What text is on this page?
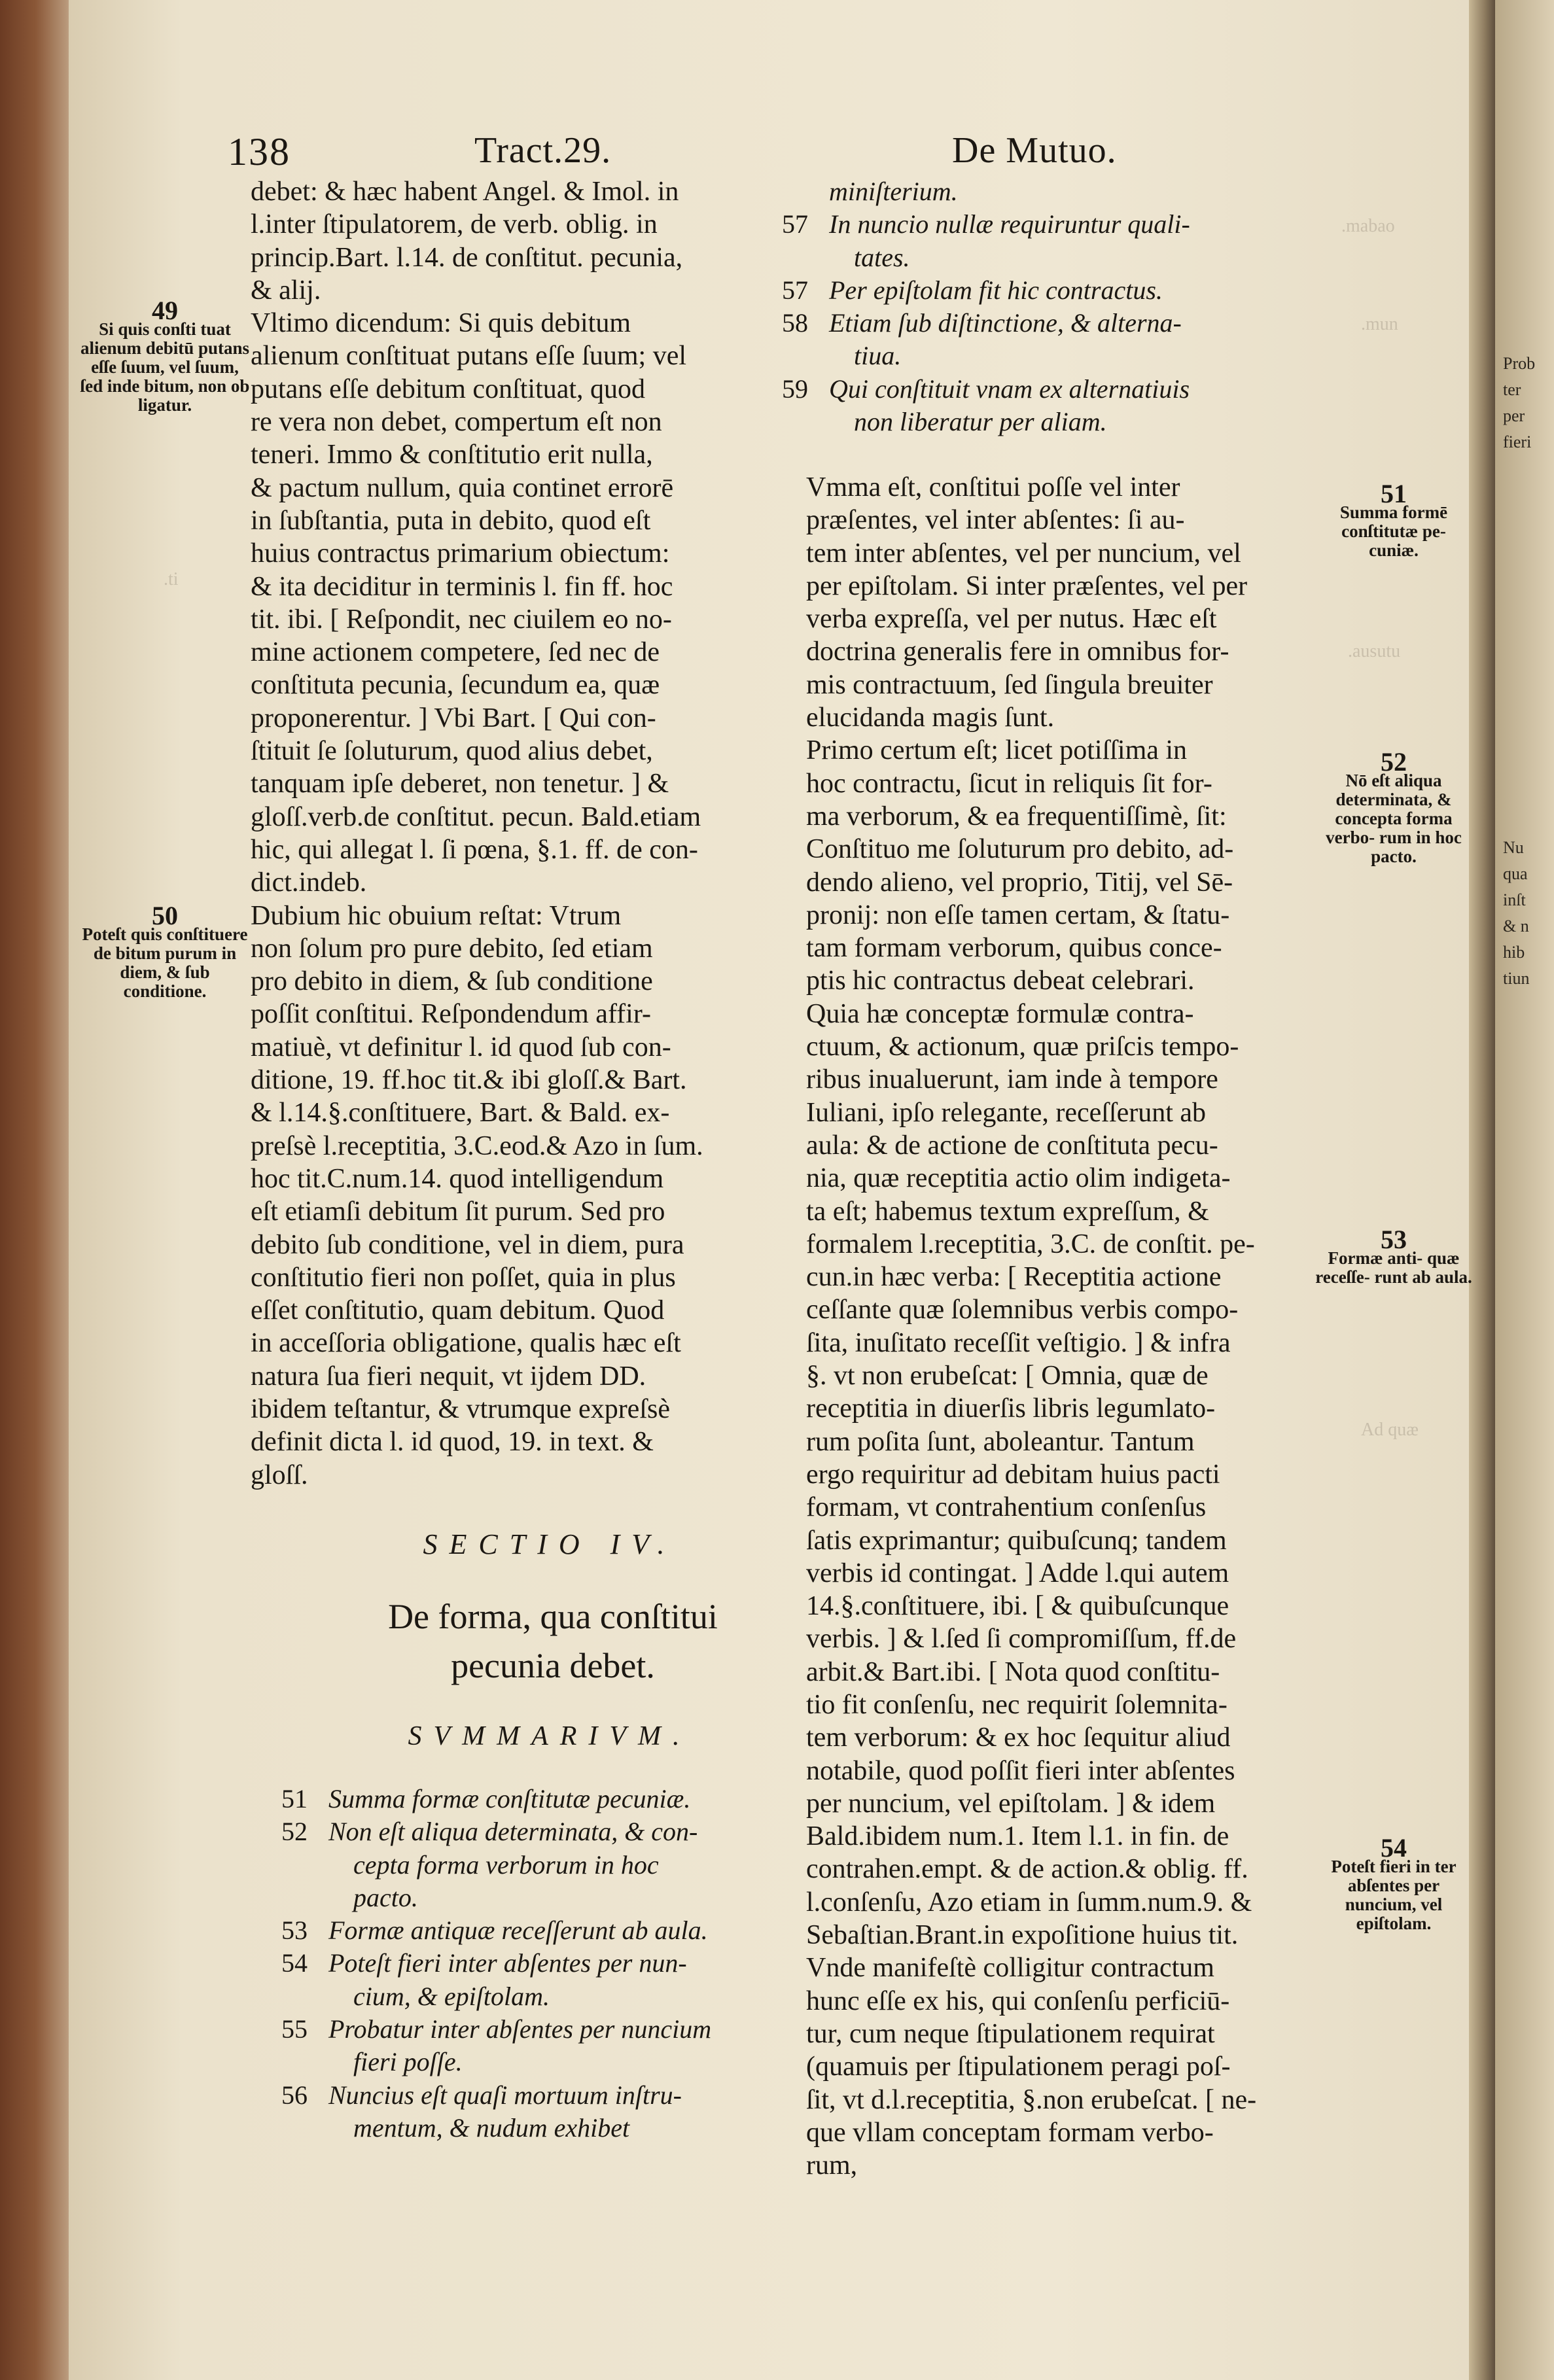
Prob
ter
per
fieri
Nu
qua
inſt
& n
hib
tiun
.mabao
.mun
.ausutu
Ad quæ
.ti
138	Tract.29.	De Mutuo.
debet: & hæc habent Angel. & Imol. in
l.inter ſtipulatorem, de verb. oblig. in
princip.Bart. l.14. de conſtitut. pecunia,
& alij.
Vltimo dicendum: Si quis debitum
alienum conſtituat putans eſſe ſuum; vel
putans eſſe debitum conſtituat, quod
re vera non debet, compertum eſt non
teneri. Immo & conſtitutio erit nulla,
& pactum nullum, quia continet errorē
in ſubſtantia, puta in debito, quod eſt
huius contractus primarium obiectum:
& ita deciditur in terminis l. fin ff. hoc
tit. ibi. [ Reſpondit, nec ciuilem eo no-
mine actionem competere, ſed nec de
conſtituta pecunia, ſecundum ea, quæ
proponerentur. ] Vbi Bart. [ Qui con-
ſtituit ſe ſoluturum, quod alius debet,
tanquam ipſe deberet, non tenetur. ] &
gloſſ.verb.de conſtitut. pecun. Bald.etiam
hic, qui allegat l. ſi pœna, §.1. ff. de con-
dict.indeb.
Dubium hic obuium reſtat: Vtrum
non ſolum pro pure debito, ſed etiam
pro debito in diem, & ſub conditione
poſſit conſtitui. Reſpondendum affir-
matiuè, vt definitur l. id quod ſub con-
ditione, 19. ff.hoc tit.& ibi gloſſ.& Bart.
& l.14.§.conſtituere, Bart. & Bald. ex-
preſsè l.receptitia, 3.C.eod.& Azo in ſum.
hoc tit.C.num.14. quod intelligendum
eſt etiamſi debitum ſit purum. Sed pro
debito ſub conditione, vel in diem, pura
conſtitutio fieri non poſſet, quia in plus
eſſet conſtitutio, quam debitum. Quod
in acceſſoria obligatione, qualis hæc eſt
natura ſua fieri nequit, vt ijdem DD.
ibidem teſtantur, & vtrumque expreſsè
definit dicta l. id quod, 19. in text. &
gloſſ.
SECTIO IV.
De forma, qua conſtitui
pecunia debet.
SVMMARIVM.
51 Summa formæ conſtitutæ pecuniæ.
52 Non eſt aliqua determinata, & con-
cepta forma verborum in hoc
pacto.
53 Formæ antiquæ receſſerunt ab aula.
54 Poteſt fieri inter abſentes per nun-
cium, & epiſtolam.
55 Probatur inter abſentes per nuncium
fieri poſſe.
56 Nuncius eſt quaſi mortuum inſtru-
mentum, & nudum exhibet
miniſterium.
57 In nuncio nullæ requiruntur quali-
tates.
57 Per epiſtolam fit hic contractus.
58 Etiam ſub diſtinctione, & alterna-
tiua.
59 Qui conſtituit vnam ex alternatiuis
non liberatur per aliam.
Vmma eſt, conſtitui poſſe vel inter
præſentes, vel inter abſentes: ſi au-
tem inter abſentes, vel per nuncium, vel
per epiſtolam. Si inter præſentes, vel per
verba expreſſa, vel per nutus. Hæc eſt
doctrina generalis fere in omnibus for-
mis contractuum, ſed ſingula breuiter
elucidanda magis ſunt.
Primo certum eſt; licet potiſſima in
hoc contractu, ſicut in reliquis ſit for-
ma verborum, & ea frequentiſſimè, ſit:
Conſtituo me ſoluturum pro debito, ad-
dendo alieno, vel proprio, Titij, vel Sē-
pronij: non eſſe tamen certam, & ſtatu-
tam formam verborum, quibus conce-
ptis hic contractus debeat celebrari.
Quia hæ conceptæ formulæ contra-
ctuum, & actionum, quæ priſcis tempo-
ribus inualuerunt, iam inde à tempore
Iuliani, ipſo relegante, receſſerunt ab
aula: & de actione de conſtituta pecu-
nia, quæ receptitia actio olim indigeta-
ta eſt; habemus textum expreſſum, &
formalem l.receptitia, 3.C. de conſtit. pe-
cun.in hæc verba: [ Receptitia actione
ceſſante quæ ſolemnibus verbis compo-
ſita, inuſitato receſſit veſtigio. ] & infra
§. vt non erubeſcat: [ Omnia, quæ de
receptitia in diuerſis libris legumlato-
rum poſita ſunt, aboleantur. Tantum
ergo requiritur ad debitam huius pacti
formam, vt contrahentium conſenſus
ſatis exprimantur; quibuſcunq; tandem
verbis id contingat. ] Adde l.qui autem
14.§.conſtituere, ibi. [ & quibuſcunque
verbis. ] & l.ſed ſi compromiſſum, ff.de
arbit.& Bart.ibi. [ Nota quod conſtitu-
tio fit conſenſu, nec requirit ſolemnita-
tem verborum: & ex hoc ſequitur aliud
notabile, quod poſſit fieri inter abſentes
per nuncium, vel epiſtolam. ] & idem
Bald.ibidem num.1. Item l.1. in fin. de
contrahen.empt. & de action.& oblig. ff.
l.conſenſu, Azo etiam in ſumm.num.9. &
Sebaſtian.Brant.in expoſitione huius tit.
Vnde manifeſtè colligitur contractum
hunc eſſe ex his, qui conſenſu perficiū-
tur, cum neque ſtipulationem requirat
(quamuis per ſtipulationem peragi poſ-
ſit, vt d.l.receptitia, §.non erubeſcat. [ ne-
que vllam conceptam formam verbo-
rum,
49
Si quis conſti tuat alienum debitū putans eſſe ſuum, vel ſuum, ſed inde bitum, non ob ligatur.
50
Poteſt quis conſtituere de bitum purum in diem, & ſub conditione.
51
Summa formē conſtitutæ pe- cuniæ.
52
Nō eſt aliqua determinata, & concepta forma verbo- rum in hoc pacto.
53
Formæ anti- quæ receſſe- runt ab aula.
54
Poteſt fieri in ter abſentes per nuncium, vel epiſtolam.
